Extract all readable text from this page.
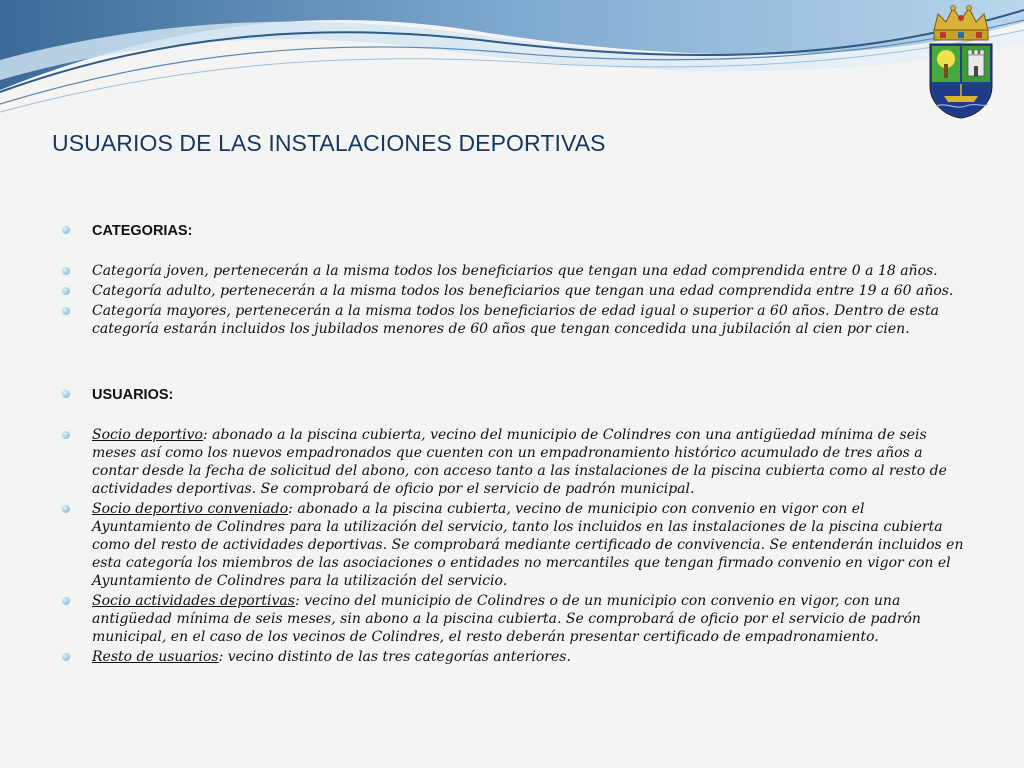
USUARIOS DE LAS INSTALACIONES DEPORTIVAS
CATEGORIAS:
Categoría joven, pertenecerán a la misma todos los beneficiarios que tengan una edad comprendida entre 0 a 18 años.
Categoría adulto, pertenecerán a la misma todos los beneficiarios que tengan una edad comprendida entre 19 a 60 años.
Categoría mayores, pertenecerán a la misma todos los beneficiarios de edad igual o superior a 60 años. Dentro de esta categoría estarán incluidos los jubilados menores de 60 años que tengan concedida una jubilación al cien por cien.
USUARIOS:
Socio deportivo: abonado a la piscina cubierta, vecino del municipio de Colindres con una antigüedad mínima de seis meses así como los nuevos empadronados que cuenten con un empadronamiento histórico acumulado de tres años a contar desde la fecha de solicitud del abono, con acceso tanto a las instalaciones de la piscina cubierta como al resto de actividades deportivas. Se comprobará de oficio por el servicio de padrón municipal.
Socio deportivo conveniado: abonado a la piscina cubierta, vecino de municipio con convenio en vigor con el Ayuntamiento de Colindres para la utilización del servicio, tanto los incluidos en las instalaciones de la piscina cubierta como del resto de actividades deportivas. Se comprobará mediante certificado de convivencia. Se entenderán incluidos en esta categoría los miembros de las asociaciones o entidades no mercantiles que tengan firmado convenio en vigor con el Ayuntamiento de Colindres para la utilización del servicio.
Socio actividades deportivas: vecino del municipio de Colindres o de un municipio con convenio en vigor, con una antigüedad mínima de seis meses, sin abono a la piscina cubierta. Se comprobará de oficio por el servicio de padrón municipal, en el caso de los vecinos de Colindres, el resto deberán presentar certificado de empadronamiento.
Resto de usuarios: vecino distinto de las tres categorías anteriores.
